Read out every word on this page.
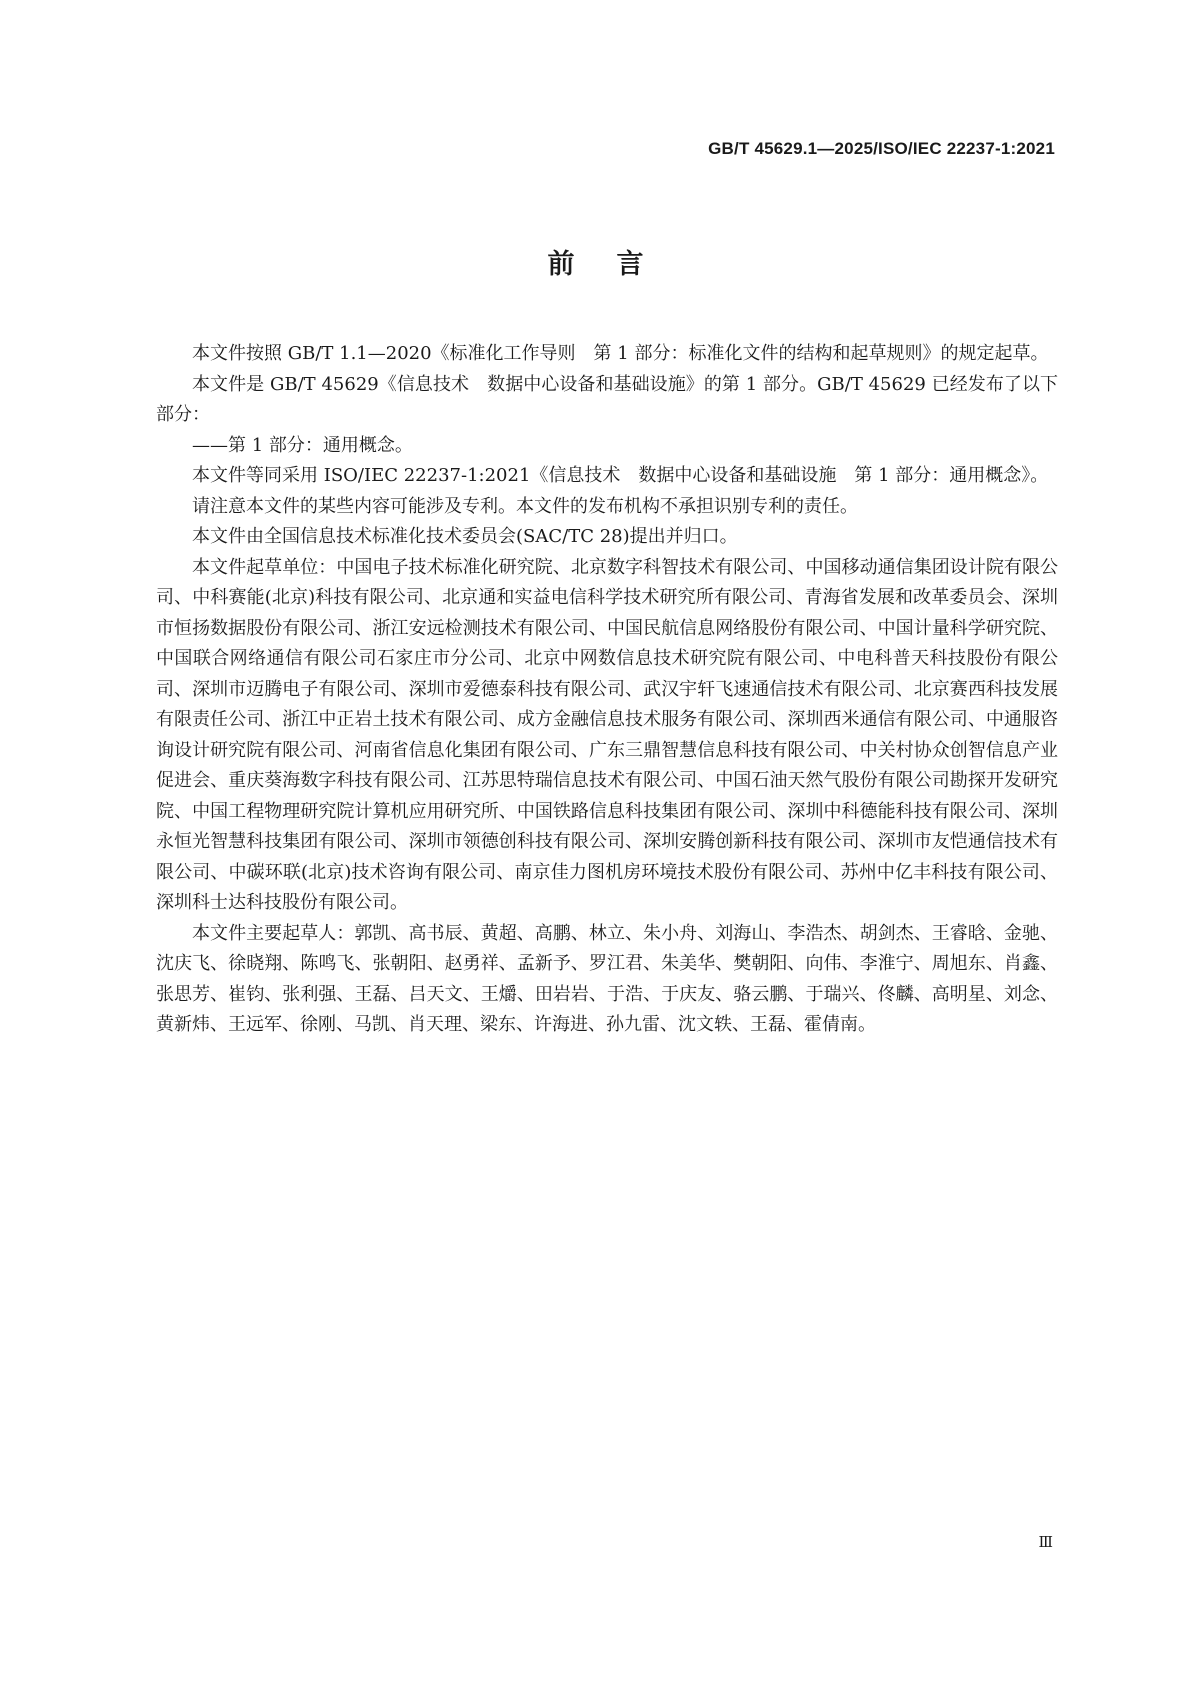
GB/T 45629.1—2025/ISO/IEC 22237-1:2021
前言

本文件按照 GB/T 1.1—2020《标准化工作导则　第 1 部分：标准化文件的结构和起草规则》的规定起草。

本文件是 GB/T 45629《信息技术　数据中心设备和基础设施》的第 1 部分。GB/T 45629 已经发布了以下部分：

——第 1 部分：通用概念。

本文件等同采用 ISO/IEC 22237-1:2021《信息技术　数据中心设备和基础设施　第 1 部分：通用概念》。

请注意本文件的某些内容可能涉及专利。本文件的发布机构不承担识别专利的责任。

本文件由全国信息技术标准化技术委员会(SAC/TC 28)提出并归口。

本文件起草单位：中国电子技术标准化研究院、北京数字科智技术有限公司、中国移动通信集团设计院有限公司、中科赛能(北京)科技有限公司、北京通和实益电信科学技术研究所有限公司、青海省发展和改革委员会、深圳市恒扬数据股份有限公司、浙江安远检测技术有限公司、中国民航信息网络股份有限公司、中国计量科学研究院、中国联合网络通信有限公司石家庄市分公司、北京中网数信息技术研究院有限公司、中电科普天科技股份有限公司、深圳市迈腾电子有限公司、深圳市爱德泰科技有限公司、武汉宇轩飞速通信技术有限公司、北京赛西科技发展有限责任公司、浙江中正岩土技术有限公司、成方金融信息技术服务有限公司、深圳西米通信有限公司、中通服咨询设计研究院有限公司、河南省信息化集团有限公司、广东三鼎智慧信息科技有限公司、中关村协众创智信息产业促进会、重庆葵海数字科技有限公司、江苏思特瑞信息技术有限公司、中国石油天然气股份有限公司勘探开发研究院、中国工程物理研究院计算机应用研究所、中国铁路信息科技集团有限公司、深圳中科德能科技有限公司、深圳永恒光智慧科技集团有限公司、深圳市领德创科技有限公司、深圳安腾创新科技有限公司、深圳市友恺通信技术有限公司、中碳环联(北京)技术咨询有限公司、南京佳力图机房环境技术股份有限公司、苏州中亿丰科技有限公司、深圳科士达科技股份有限公司。

本文件主要起草人：郭凯、高书辰、黄超、高鹏、林立、朱小舟、刘海山、李浩杰、胡剑杰、王睿晗、金驰、沈庆飞、徐晓翔、陈鸣飞、张朝阳、赵勇祥、孟新予、罗江君、朱美华、樊朝阳、向伟、李淮宁、周旭东、肖鑫、张思芳、崔钧、张利强、王磊、吕天文、王爝、田岩岩、于浩、于庆友、骆云鹏、于瑞兴、佟麟、高明星、刘念、黄新炜、王远军、徐刚、马凯、肖天理、梁东、许海进、孙九雷、沈文轶、王磊、霍倩南。

Ⅲ
